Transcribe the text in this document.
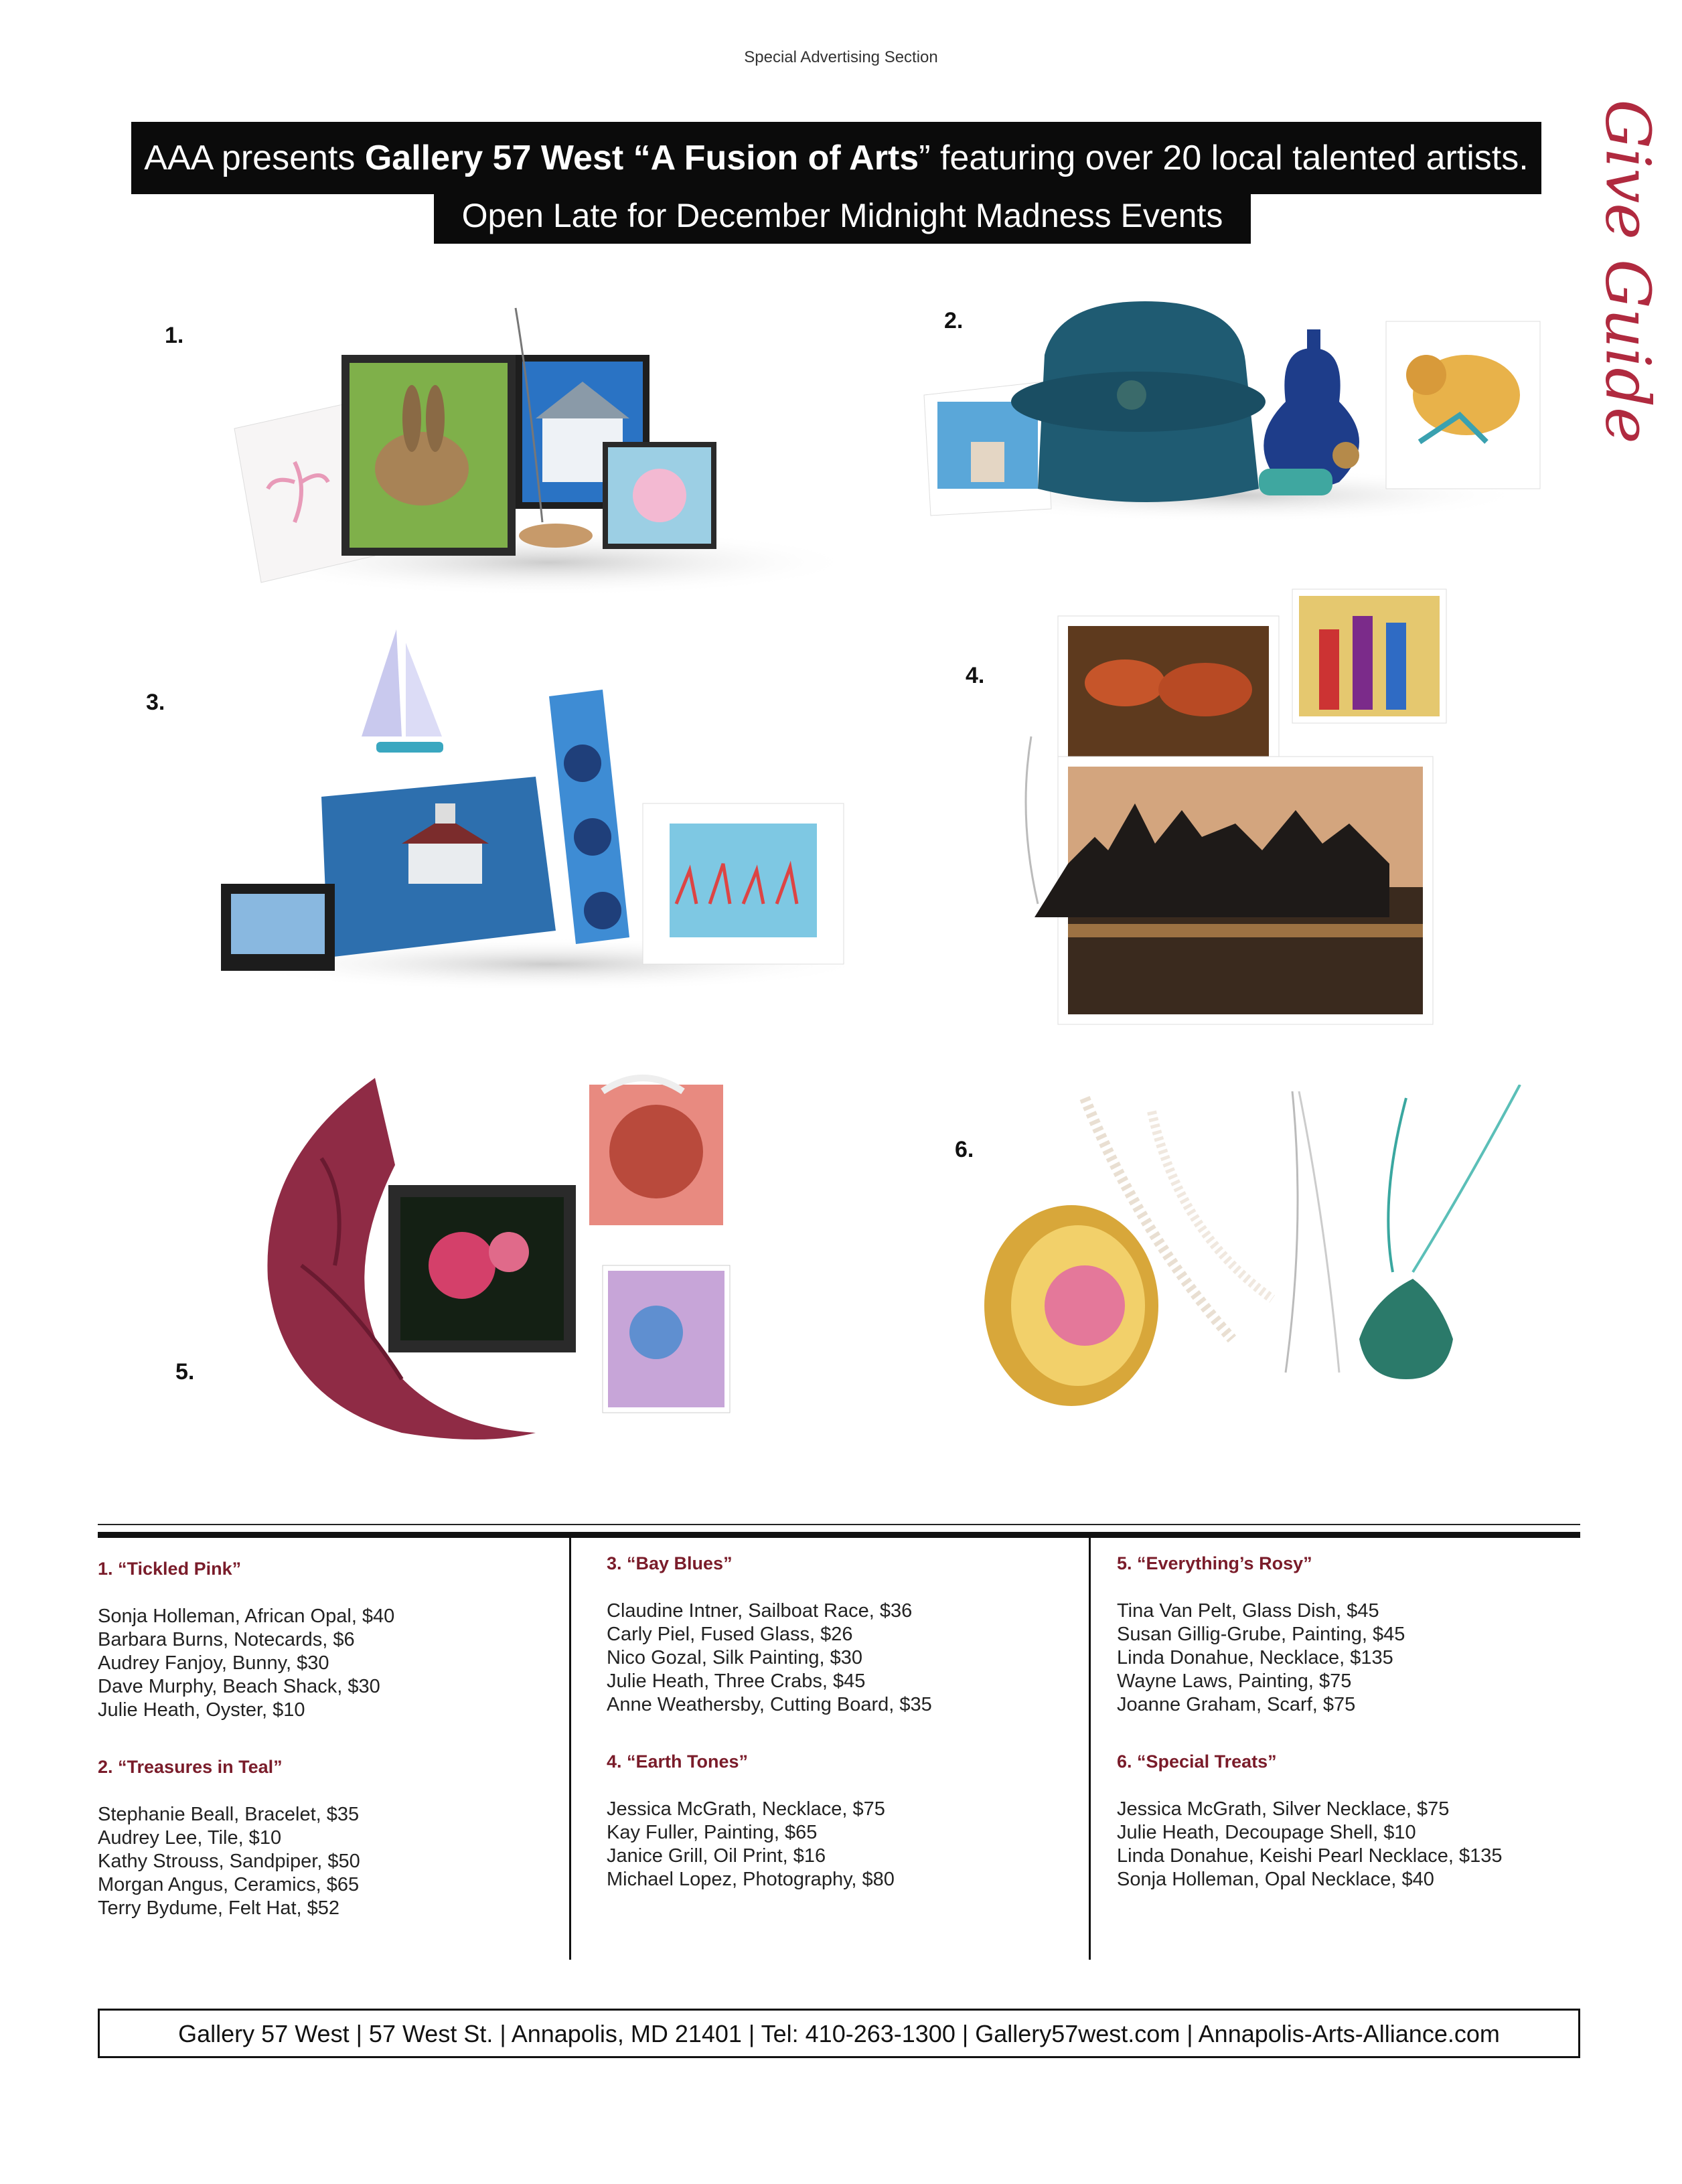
Special Advertising Section
AAA presents Gallery 57 West “A Fusion of Arts” featuring over 20 local talented artists.
Open Late for December Midnight Madness Events	Give Guide
1.
2.
3.
4.
5.
6.
1. “Tickled Pink”
Sonja Holleman, African Opal, $40
Barbara Burns, Notecards, $6
Audrey Fanjoy, Bunny, $30
Dave Murphy, Beach Shack, $30
Julie Heath, Oyster, $10
2. “Treasures in Teal”
Stephanie Beall, Bracelet, $35
Audrey Lee, Tile, $10
Kathy Strouss, Sandpiper, $50
Morgan Angus, Ceramics, $65
Terry Bydume, Felt Hat, $52
3. “Bay Blues”
Claudine Intner, Sailboat Race, $36
Carly Piel, Fused Glass, $26
Nico Gozal, Silk Painting, $30
Julie Heath, Three Crabs, $45
Anne Weathersby, Cutting Board, $35
4. “Earth Tones”
Jessica McGrath, Necklace, $75
Kay Fuller, Painting, $65
Janice Grill, Oil Print, $16
Michael Lopez, Photography, $80
5. “Everything’s Rosy”
Tina Van Pelt, Glass Dish, $45
Susan Gillig-Grube, Painting, $45
Linda Donahue, Necklace, $135
Wayne Laws, Painting, $75
Joanne Graham, Scarf, $75
6. “Special Treats”
Jessica McGrath, Silver Necklace, $75
Julie Heath, Decoupage Shell, $10
Linda Donahue, Keishi Pearl Necklace, $135
Sonja Holleman, Opal Necklace, $40
Gallery 57 West | 57 West St. | Annapolis, MD 21401 | Tel: 410-263-1300 | Gallery57west.com | Annapolis-Arts-Alliance.com
